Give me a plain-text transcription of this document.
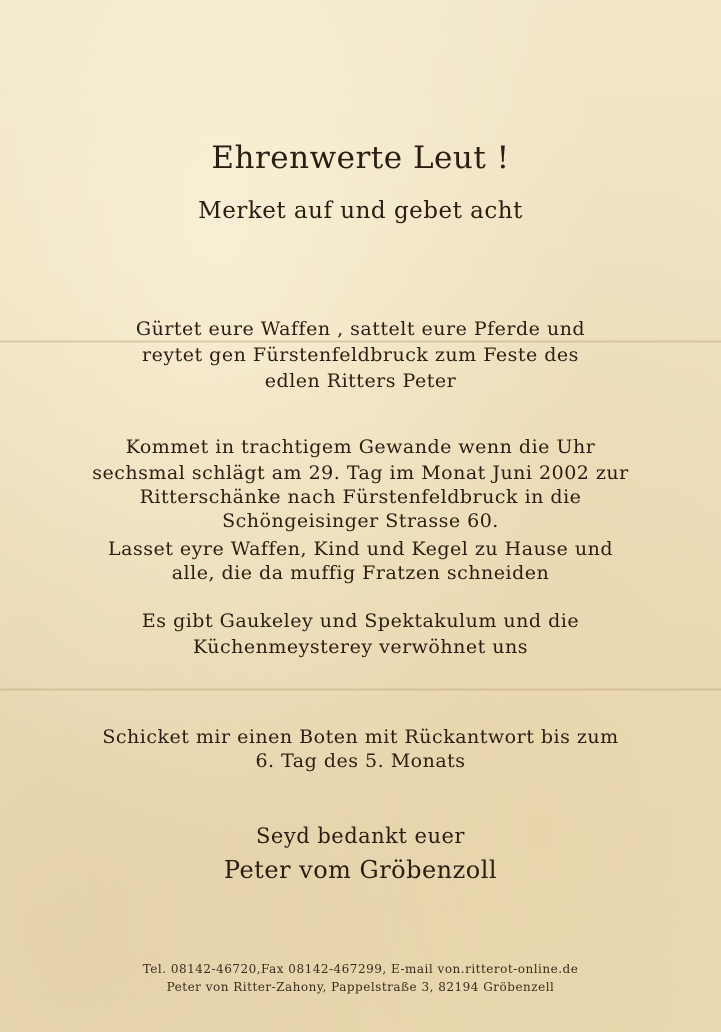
Ehrenwerte Leut !
Merket auf und gebet acht
Gürtet eure Waffen , sattelt eure Pferde und
reytet gen Fürstenfeldbruck zum Feste des
edlen Ritters Peter
Kommet in trachtigem Gewande wenn die Uhr
sechsmal schlägt am 29. Tag im Monat Juni 2002 zur
Ritterschänke nach Fürstenfeldbruck in die
Schöngeisinger Strasse 60.
Lasset eyre Waffen, Kind und Kegel zu Hause und
alle, die da muffig Fratzen schneiden
Es gibt Gaukeley und Spektakulum und die
Küchenmeysterey verwöhnet uns
Schicket mir einen Boten mit Rückantwort bis zum
6. Tag des 5. Monats
Seyd bedankt euer
Peter vom Gröbenzoll
Tel. 08142-46720,Fax 08142-467299, E-mail von.ritterot-online.de
Peter von Ritter-Zahony, Pappelstraße 3, 82194 Gröbenzell
